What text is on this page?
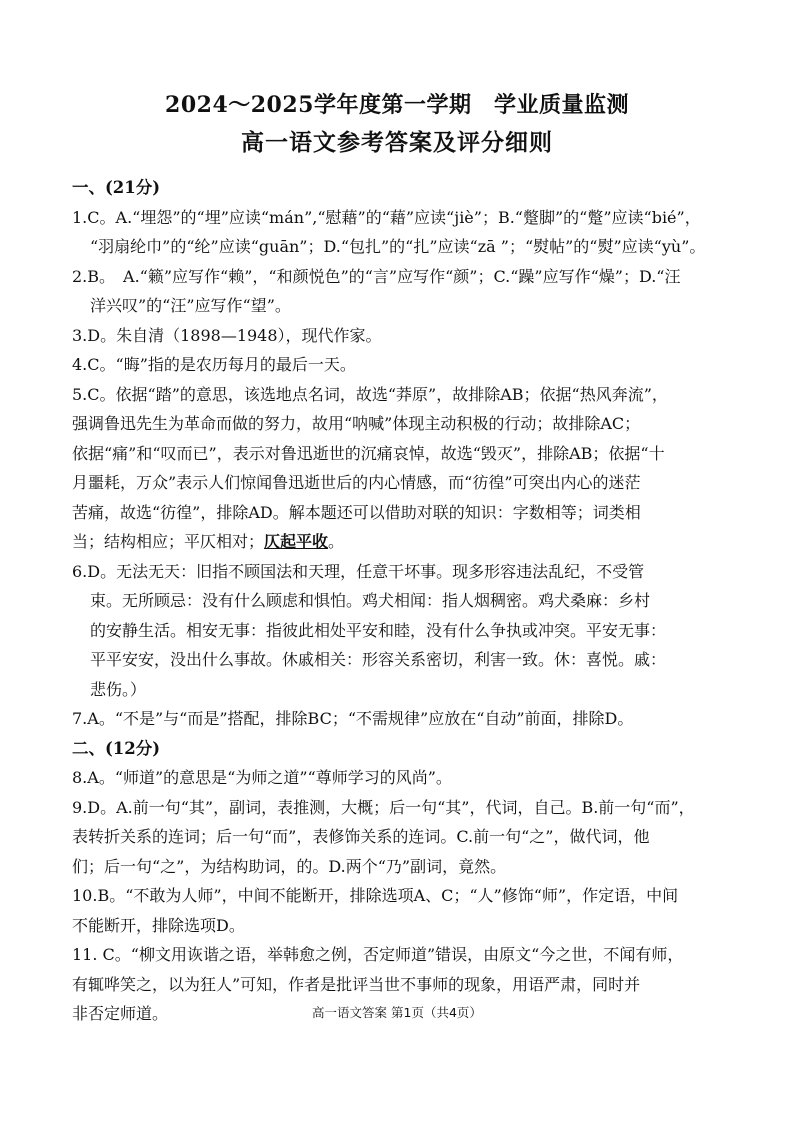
2024～2025学年度第一学期　学业质量监测
高一语文参考答案及评分细则
一、(21分)
1.C。A.“埋怨”的“埋”应读“mán”,“慰藉”的“藉”应读“jiè”；B.“蹩脚”的“蹩”应读“bié”，
“羽扇纶巾”的“纶”应读“guān”；D.“包扎”的“扎”应读“zā ”；“熨帖”的“熨”应读“yù”。
2.B。　A.“籁”应写作“赖”，“和颜悦色”的“言”应写作“颜”；C.“躁”应写作“燥”；D.“汪
洋兴叹”的“汪”应写作“望”。
3.D。朱自清（1898—1948），现代作家。
4.C。“晦”指的是农历每月的最后一天。
5.C。依据“踏”的意思，该选地点名词，故选“莽原”，故排除AB；依据“热风奔流”，
强调鲁迅先生为革命而做的努力，故用“呐喊”体现主动积极的行动；故排除AC；
依据“痛”和“叹而已”，表示对鲁迅逝世的沉痛哀悼，故选“毁灭”，排除AB；依据“十
月噩耗，万众”表示人们惊闻鲁迅逝世后的内心情感，而“彷徨”可突出内心的迷茫
苦痛，故选“彷徨”，排除AD。解本题还可以借助对联的知识：字数相等；词类相
当；结构相应；平仄相对；仄起平收。
6.D。无法无天：旧指不顾国法和天理，任意干坏事。现多形容违法乱纪，不受管
束。无所顾忌：没有什么顾虑和惧怕。鸡犬相闻：指人烟稠密。鸡犬桑麻：乡村
的安静生活。相安无事：指彼此相处平安和睦，没有什么争执或冲突。平安无事：
平平安安，没出什么事故。休戚相关：形容关系密切，利害一致。休：喜悦。戚：
悲伤。）
7.A。“不是”与“而是”搭配，排除BC；“不需规律”应放在“自动”前面，排除D。
二、(12分)
8.A。“师道”的意思是“为师之道”“尊师学习的风尚”。
9.D。A.前一句“其”，副词，表推测，大概；后一句“其”，代词，自己。B.前一句“而”，
表转折关系的连词；后一句“而”，表修饰关系的连词。C.前一句“之”，做代词，他
们；后一句“之”，为结构助词，的。D.两个“乃”副词，竟然。
10.B。“不敢为人师”，中间不能断开，排除选项A、C；“人”修饰“师”，作定语，中间
不能断开，排除选项D。
11. C。“柳文用诙谐之语，举韩愈之例，否定师道”错误，由原文“今之世，不闻有师，
有辄哗笑之，以为狂人”可知，作者是批评当世不事师的现象，用语严肃，同时并
非否定师道。	高一语文答案 第1页（共4页）
